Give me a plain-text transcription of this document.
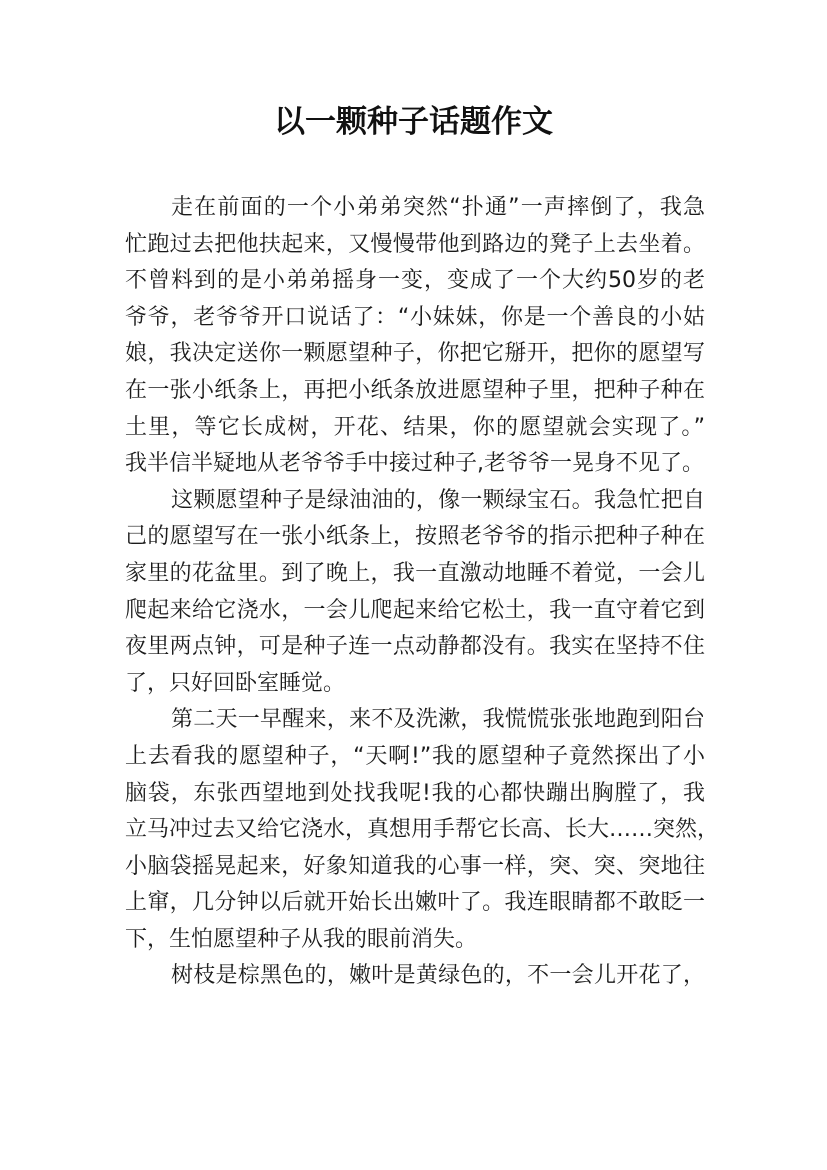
以一颗种子话题作文
走在前面的一个小弟弟突然“扑通”一声摔倒了，我急
忙跑过去把他扶起来，又慢慢带他到路边的凳子上去坐着。
不曾料到的是小弟弟摇身一变，变成了一个大约50岁的老
爷爷，老爷爷开口说话了：“小妹妹，你是一个善良的小姑
娘，我决定送你一颗愿望种子，你把它掰开，把你的愿望写
在一张小纸条上，再把小纸条放进愿望种子里，把种子种在
土里，等它长成树，开花、结果，你的愿望就会实现了。”
我半信半疑地从老爷爷手中接过种子,老爷爷一晃身不见了。
这颗愿望种子是绿油油的，像一颗绿宝石。我急忙把自
己的愿望写在一张小纸条上，按照老爷爷的指示把种子种在
家里的花盆里。到了晚上，我一直激动地睡不着觉，一会儿
爬起来给它浇水，一会儿爬起来给它松土，我一直守着它到
夜里两点钟，可是种子连一点动静都没有。我实在坚持不住
了，只好回卧室睡觉。
第二天一早醒来，来不及洗漱，我慌慌张张地跑到阳台
上去看我的愿望种子，“天啊!”我的愿望种子竟然探出了小
脑袋，东张西望地到处找我呢!我的心都快蹦出胸膛了，我
立马冲过去又给它浇水，真想用手帮它长高、长大……突然，
小脑袋摇晃起来，好象知道我的心事一样，突、突、突地往
上窜，几分钟以后就开始长出嫩叶了。我连眼睛都不敢眨一
下，生怕愿望种子从我的眼前消失。
树枝是棕黑色的，嫩叶是黄绿色的，不一会儿开花了，
